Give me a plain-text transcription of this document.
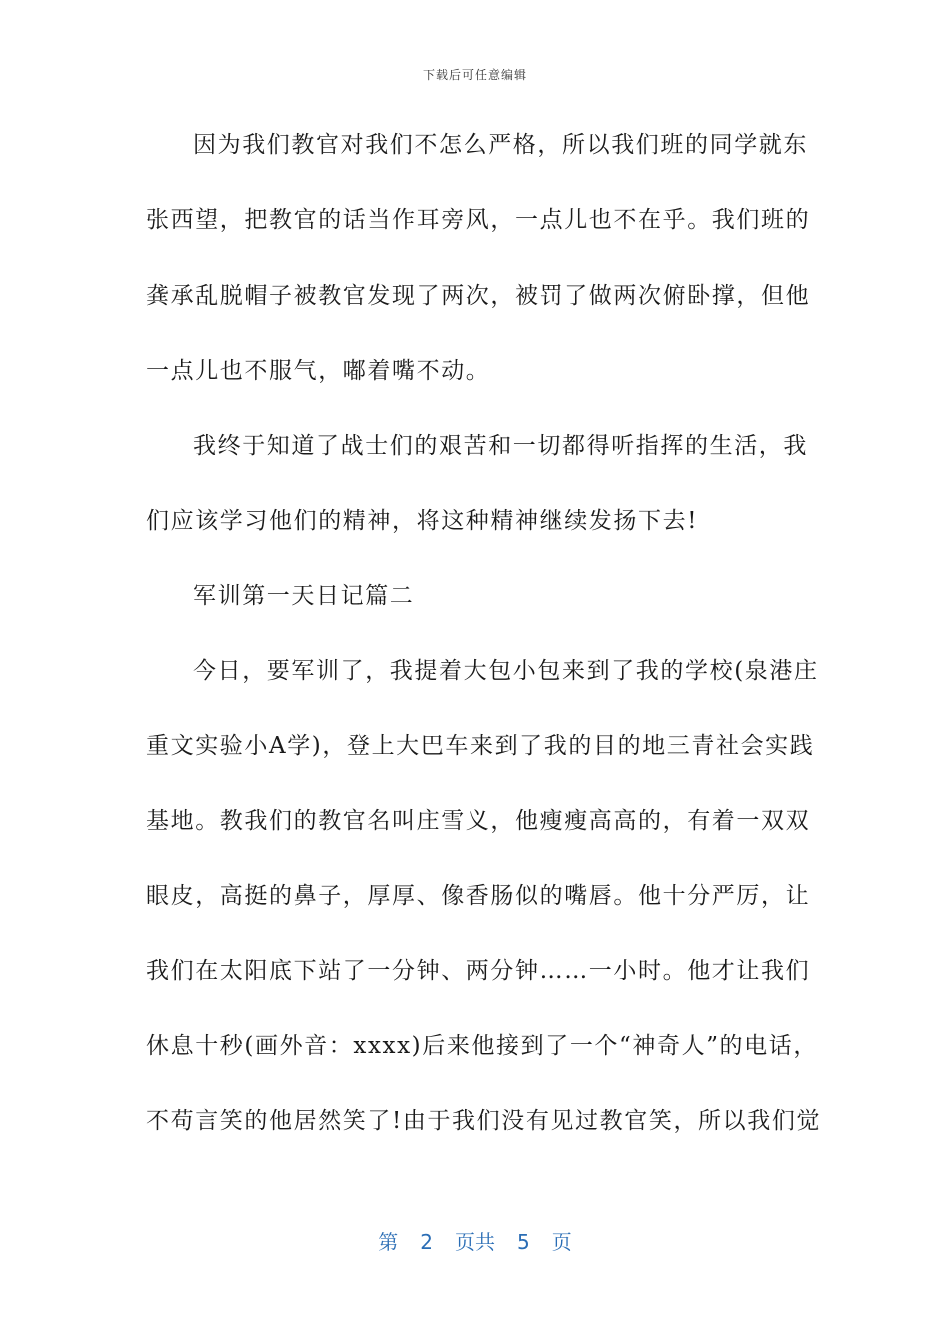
下载后可任意编辑
因为我们教官对我们不怎么严格，所以我们班的同学就东
张西望，把教官的话当作耳旁风，一点儿也不在乎。我们班的
龚承乱脱帽子被教官发现了两次，被罚了做两次俯卧撑，但他
一点儿也不服气，嘟着嘴不动。
我终于知道了战士们的艰苦和一切都得听指挥的生活，我
们应该学习他们的精神，将这种精神继续发扬下去!
军训第一天日记篇二
今日，要军训了，我提着大包小包来到了我的学校(泉港庄
重文实验小A学)，登上大巴车来到了我的目的地三青社会实践
基地。教我们的教官名叫庄雪义，他瘦瘦高高的，有着一双双
眼皮，高挺的鼻子，厚厚、像香肠似的嘴唇。他十分严厉，让
我们在太阳底下站了一分钟、两分钟……一小时。他才让我们
休息十秒(画外音：xxxx)后来他接到了一个“神奇人”的电话，
不苟言笑的他居然笑了!由于我们没有见过教官笑，所以我们觉
第 2 页共 5 页
